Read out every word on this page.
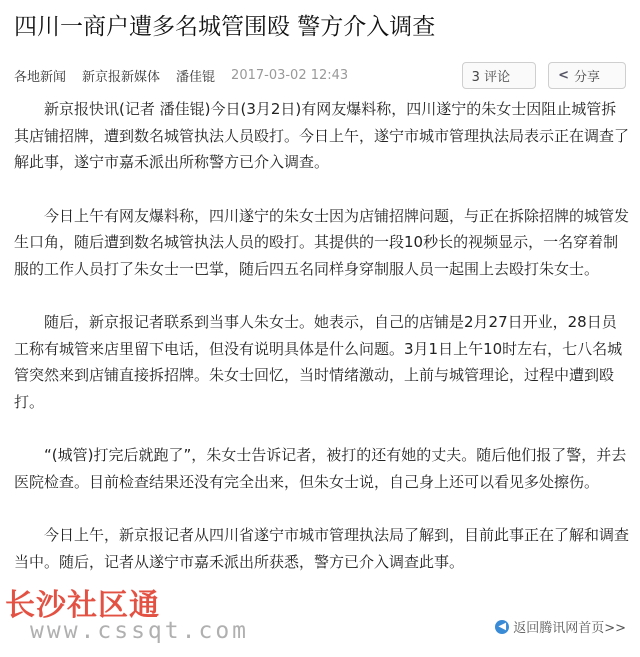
四川一商户遭多名城管围殴 警方介入调查
各地新闻 新京报新媒体 潘佳锟 2017-03-02 12:43	3 评论	< 分享

新京报快讯(记者 潘佳锟)今日(3月2日)有网友爆料称，四川遂宁的朱女士因阻止城管拆其店铺招牌，遭到数名城管执法人员殴打。今日上午，遂宁市城市管理执法局表示正在调查了解此事，遂宁市嘉禾派出所称警方已介入调查。

今日上午有网友爆料称，四川遂宁的朱女士因为店铺招牌问题，与正在拆除招牌的城管发生口角，随后遭到数名城管执法人员的殴打。其提供的一段10秒长的视频显示，一名穿着制服的工作人员打了朱女士一巴掌，随后四五名同样身穿制服人员一起围上去殴打朱女士。

随后，新京报记者联系到当事人朱女士。她表示，自己的店铺是2月27日开业，28日员工称有城管来店里留下电话，但没有说明具体是什么问题。3月1日上午10时左右，七八名城管突然来到店铺直接拆招牌。朱女士回忆，当时情绪激动，上前与城管理论，过程中遭到殴打。

“(城管)打完后就跑了”，朱女士告诉记者，被打的还有她的丈夫。随后他们报了警，并去医院检查。目前检查结果还没有完全出来，但朱女士说，自己身上还可以看见多处擦伤。

今日上午，新京报记者从四川省遂宁市城市管理执法局了解到，目前此事正在了解和调查当中。随后，记者从遂宁市嘉禾派出所获悉，警方已介入调查此事。

长沙社区通
www.cssqt.com	◀ 返回腾讯网首页>>
